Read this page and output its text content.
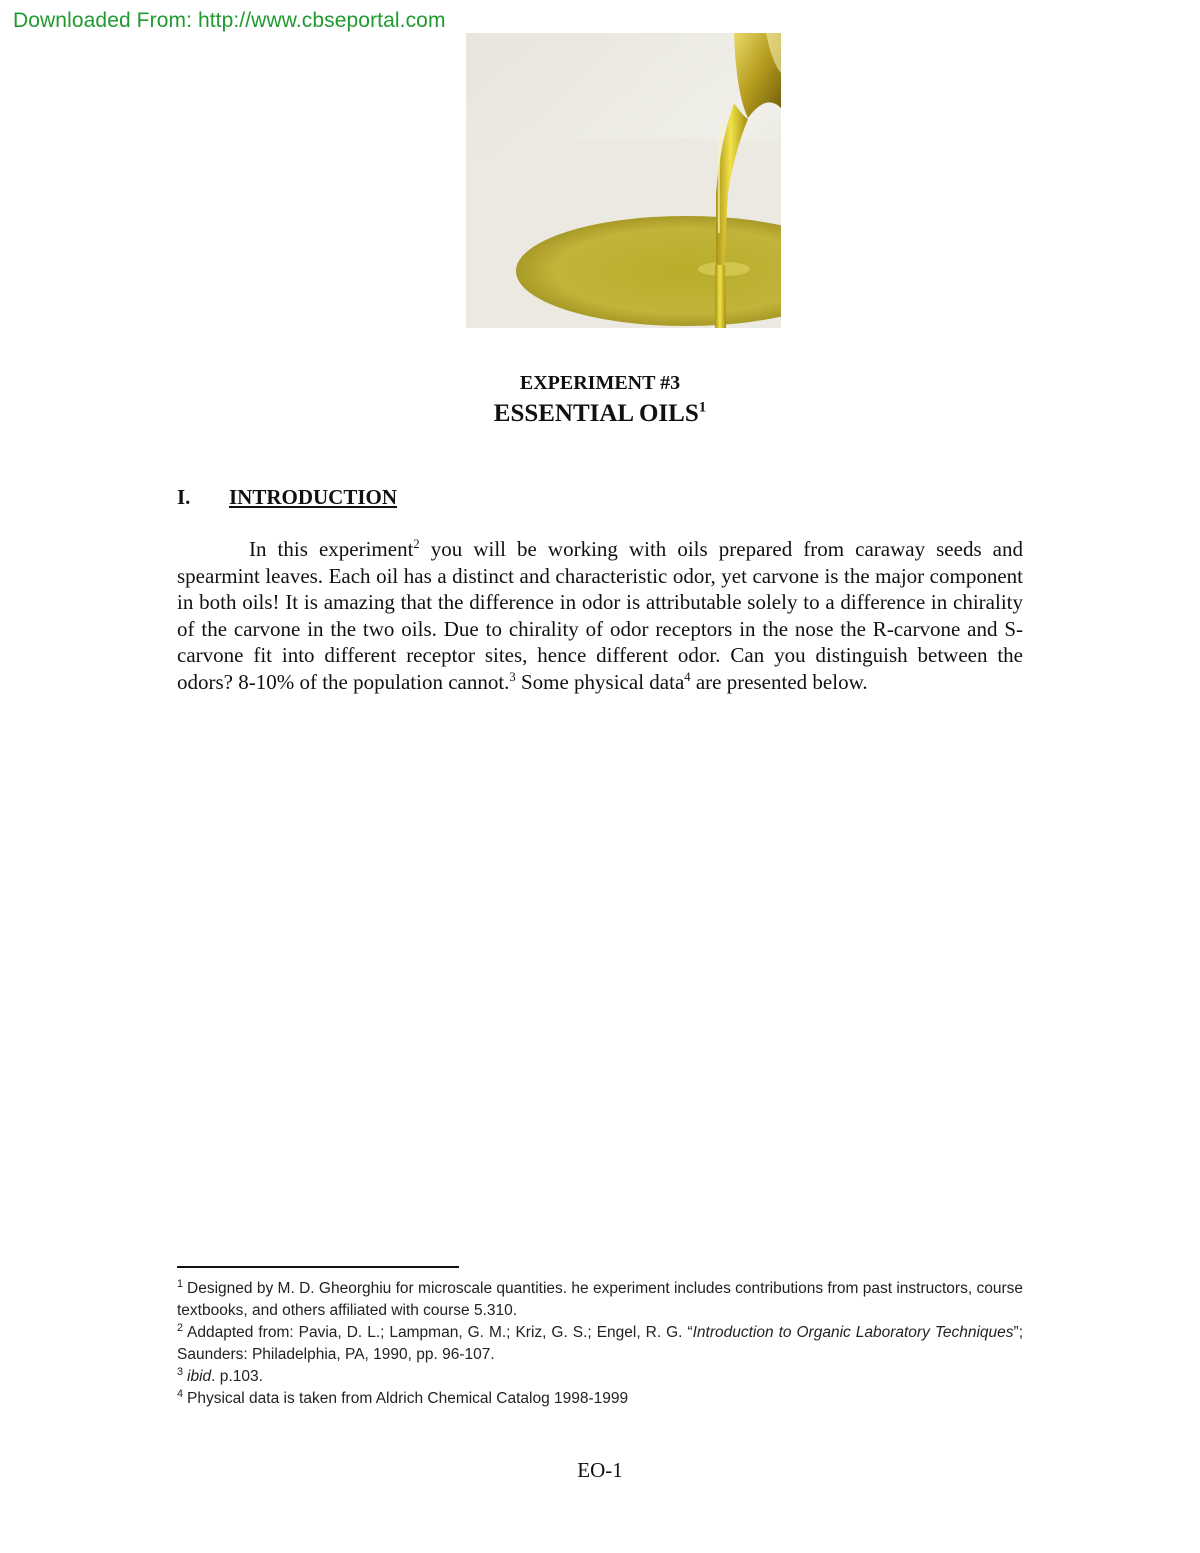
Downloaded From: http://www.cbseportal.com
EXPERIMENT #3
ESSENTIAL OILS$^1$
I.	INTRODUCTION

In this experiment$^2$ you will be working with oils prepared from caraway seeds and spearmint leaves. Each oil has a distinct and characteristic odor, yet carvone is the major component in both oils! It is amazing that the difference in odor is attributable solely to a difference in chirality of the carvone in the two oils. Due to chirality of odor receptors in the nose the R-carvone and S-carvone fit into different receptor sites, hence different odor. Can you distinguish between the odors? 8-10% of the population cannot.$^3$ Some physical data$^4$ are presented below.

$^1$ Designed by M. D. Gheorghiu for microscale quantities. he experiment includes contributions from past instructors, course textbooks, and others affiliated with course 5.310.

$^2$ Addapted from: Pavia, D. L.; Lampman, G. M.; Kriz, G. S.; Engel, R. G. “Introduction to Organic Laboratory Techniques”; Saunders: Philadelphia, PA, 1990, pp. 96-107.

$^3$ ibid. p.103.

$^4$ Physical data is taken from Aldrich Chemical Catalog 1998-1999

EO-1
